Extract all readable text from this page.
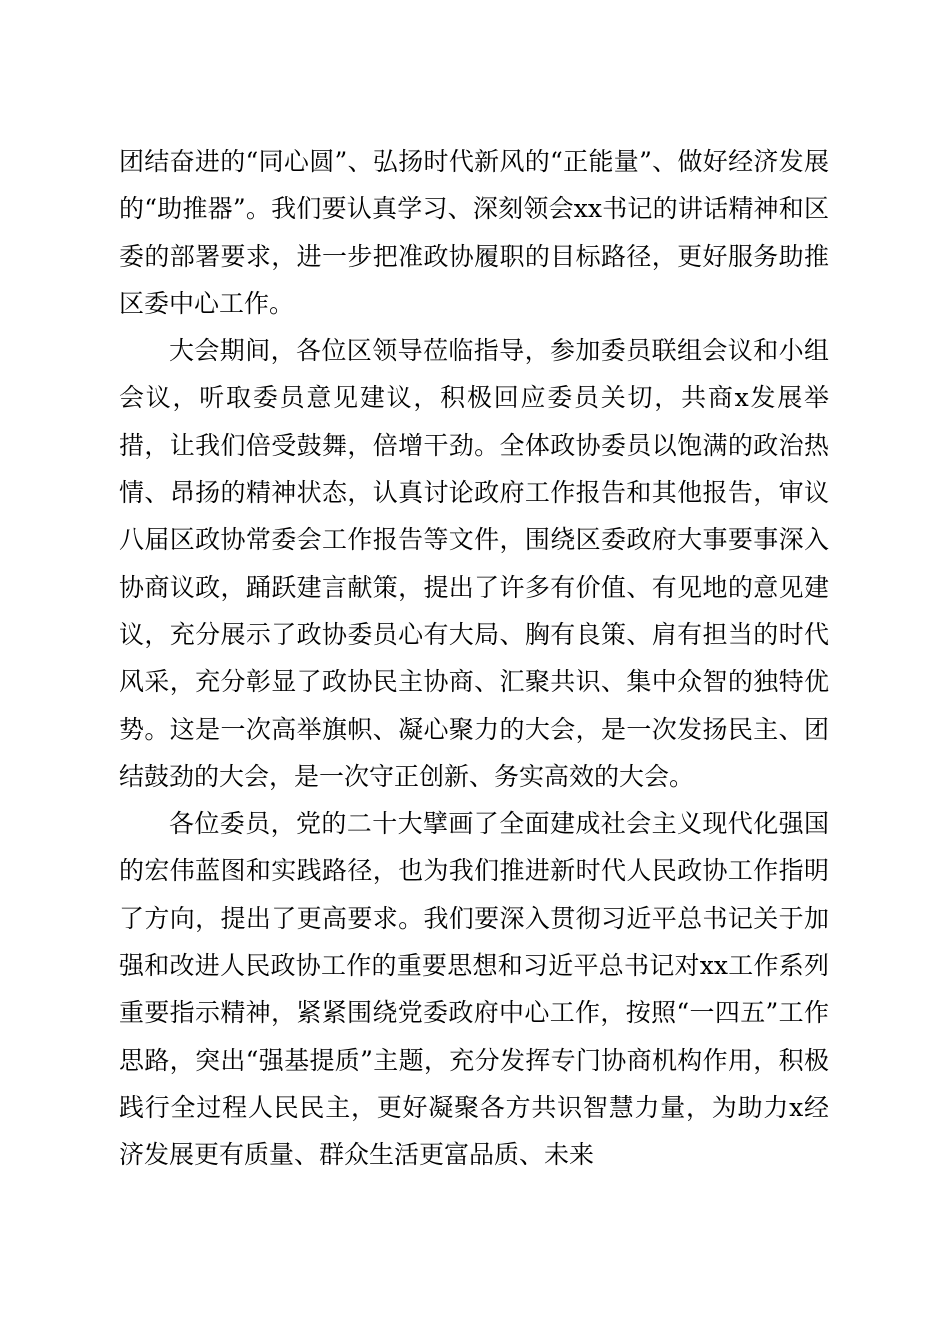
团结奋进的“同心圆”、弘扬时代新风的“正能量”、做好经济发展的“助推器”。我们要认真学习、深刻领会xx书记的讲话精神和区委的部署要求，进一步把准政协履职的目标路径，更好服务助推区委中心工作。

大会期间，各位区领导莅临指导，参加委员联组会议和小组会议，听取委员意见建议，积极回应委员关切，共商x发展举措，让我们倍受鼓舞，倍增干劲。全体政协委员以饱满的政治热情、昂扬的精神状态，认真讨论政府工作报告和其他报告，审议八届区政协常委会工作报告等文件，围绕区委政府大事要事深入协商议政，踊跃建言献策，提出了许多有价值、有见地的意见建议，充分展示了政协委员心有大局、胸有良策、肩有担当的时代风采，充分彰显了政协民主协商、汇聚共识、集中众智的独特优势。这是一次高举旗帜、凝心聚力的大会，是一次发扬民主、团结鼓劲的大会，是一次守正创新、务实高效的大会。

各位委员，党的二十大擘画了全面建成社会主义现代化强国的宏伟蓝图和实践路径，也为我们推进新时代人民政协工作指明了方向，提出了更高要求。我们要深入贯彻习近平总书记关于加强和改进人民政协工作的重要思想和习近平总书记对xx工作系列重要指示精神，紧紧围绕党委政府中心工作，按照“一四五”工作思路，突出“强基提质”主题，充分发挥专门协商机构作用，积极践行全过程人民民主，更好凝聚各方共识智慧力量，为助力x经济发展更有质量、群众生活更富品质、未来
